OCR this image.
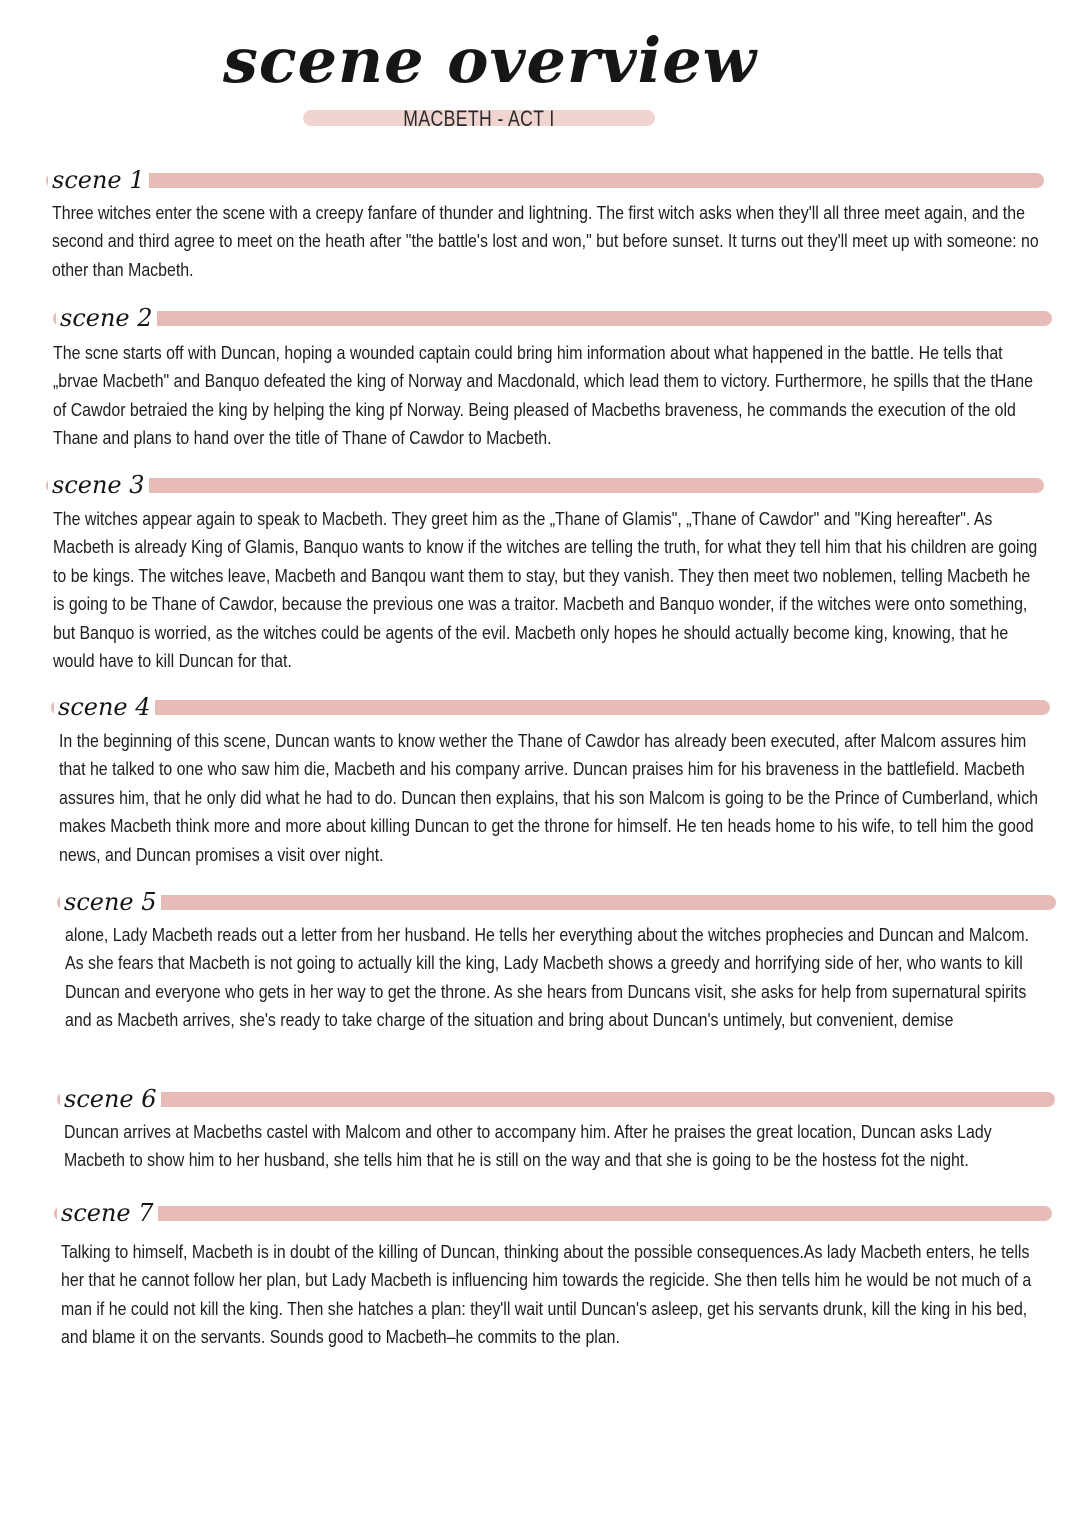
scene overview
MACBETH - ACT I
scene 1

Three witches enter the scene with a creepy fanfare of thunder and lightning. The first witch asks when they'll all three meet again, and the second and third agree to meet on the heath after "the battle's lost and won," but before sunset. It turns out they'll meet up with someone: no other than Macbeth.

scene 2

The scne starts off with Duncan, hoping a wounded captain could bring him information about what happened in the battle. He tells that „brvae Macbeth" and Banquo defeated the king of Norway and Macdonald, which lead them to victory. Furthermore, he spills that the tHane of Cawdor betraied the king by helping the king pf Norway. Being pleased of Macbeths braveness, he commands the execution of the old Thane and plans to hand over the title of Thane of Cawdor to Macbeth.

scene 3

The witches appear again to speak to Macbeth. They greet him as the „Thane of Glamis", „Thane of Cawdor" and "King hereafter". As Macbeth is already King of Glamis, Banquo wants to know if the witches are telling the truth, for what they tell him that his children are going to be kings. The witches leave, Macbeth and Banqou want them to stay, but they vanish. They then meet two noblemen, telling Macbeth he is going to be Thane of Cawdor, because the previous one was a traitor. Macbeth and Banquo wonder, if the witches were onto something, but Banquo is worried, as the witches could be agents of the evil. Macbeth only hopes he should actually become king, knowing, that he would have to kill Duncan for that.

scene 4

In the beginning of this scene, Duncan wants to know wether the Thane of Cawdor has already been executed, after Malcom assures him that he talked to one who saw him die, Macbeth and his company arrive. Duncan praises him for his braveness in the battlefield. Macbeth assures him, that he only did what he had to do. Duncan then explains, that his son Malcom is going to be the Prince of Cumberland, which makes Macbeth think more and more about killing Duncan to get the throne for himself. He ten heads home to his wife, to tell him the good news, and Duncan promises a visit over night.

scene 5

alone, Lady Macbeth reads out a letter from her husband. He tells her everything about the witches prophecies and Duncan and Malcom. As she fears that Macbeth is not going to actually kill the king, Lady Macbeth shows a greedy and horrifying side of her, who wants to kill Duncan and everyone who gets in her way to get the throne. As she hears from Duncans visit, she asks for help from supernatural spirits and as Macbeth arrives, she's ready to take charge of the situation and bring about Duncan's untimely, but convenient, demise

scene 6

Duncan arrives at Macbeths castel with Malcom and other to accompany him. After he praises the great location, Duncan asks Lady Macbeth to show him to her husband, she tells him that he is still on the way and that she is going to be the hostess fot the night.

scene 7

Talking to himself, Macbeth is in doubt of the killing of Duncan, thinking about the possible consequences.As lady Macbeth enters, he tells her that he cannot follow her plan, but Lady Macbeth is influencing him towards the regicide. She then tells him he would be not much of a man if he could not kill the king. Then she hatches a plan: they'll wait until Duncan's asleep, get his servants drunk, kill the king in his bed, and blame it on the servants. Sounds good to Macbeth–he commits to the plan.
